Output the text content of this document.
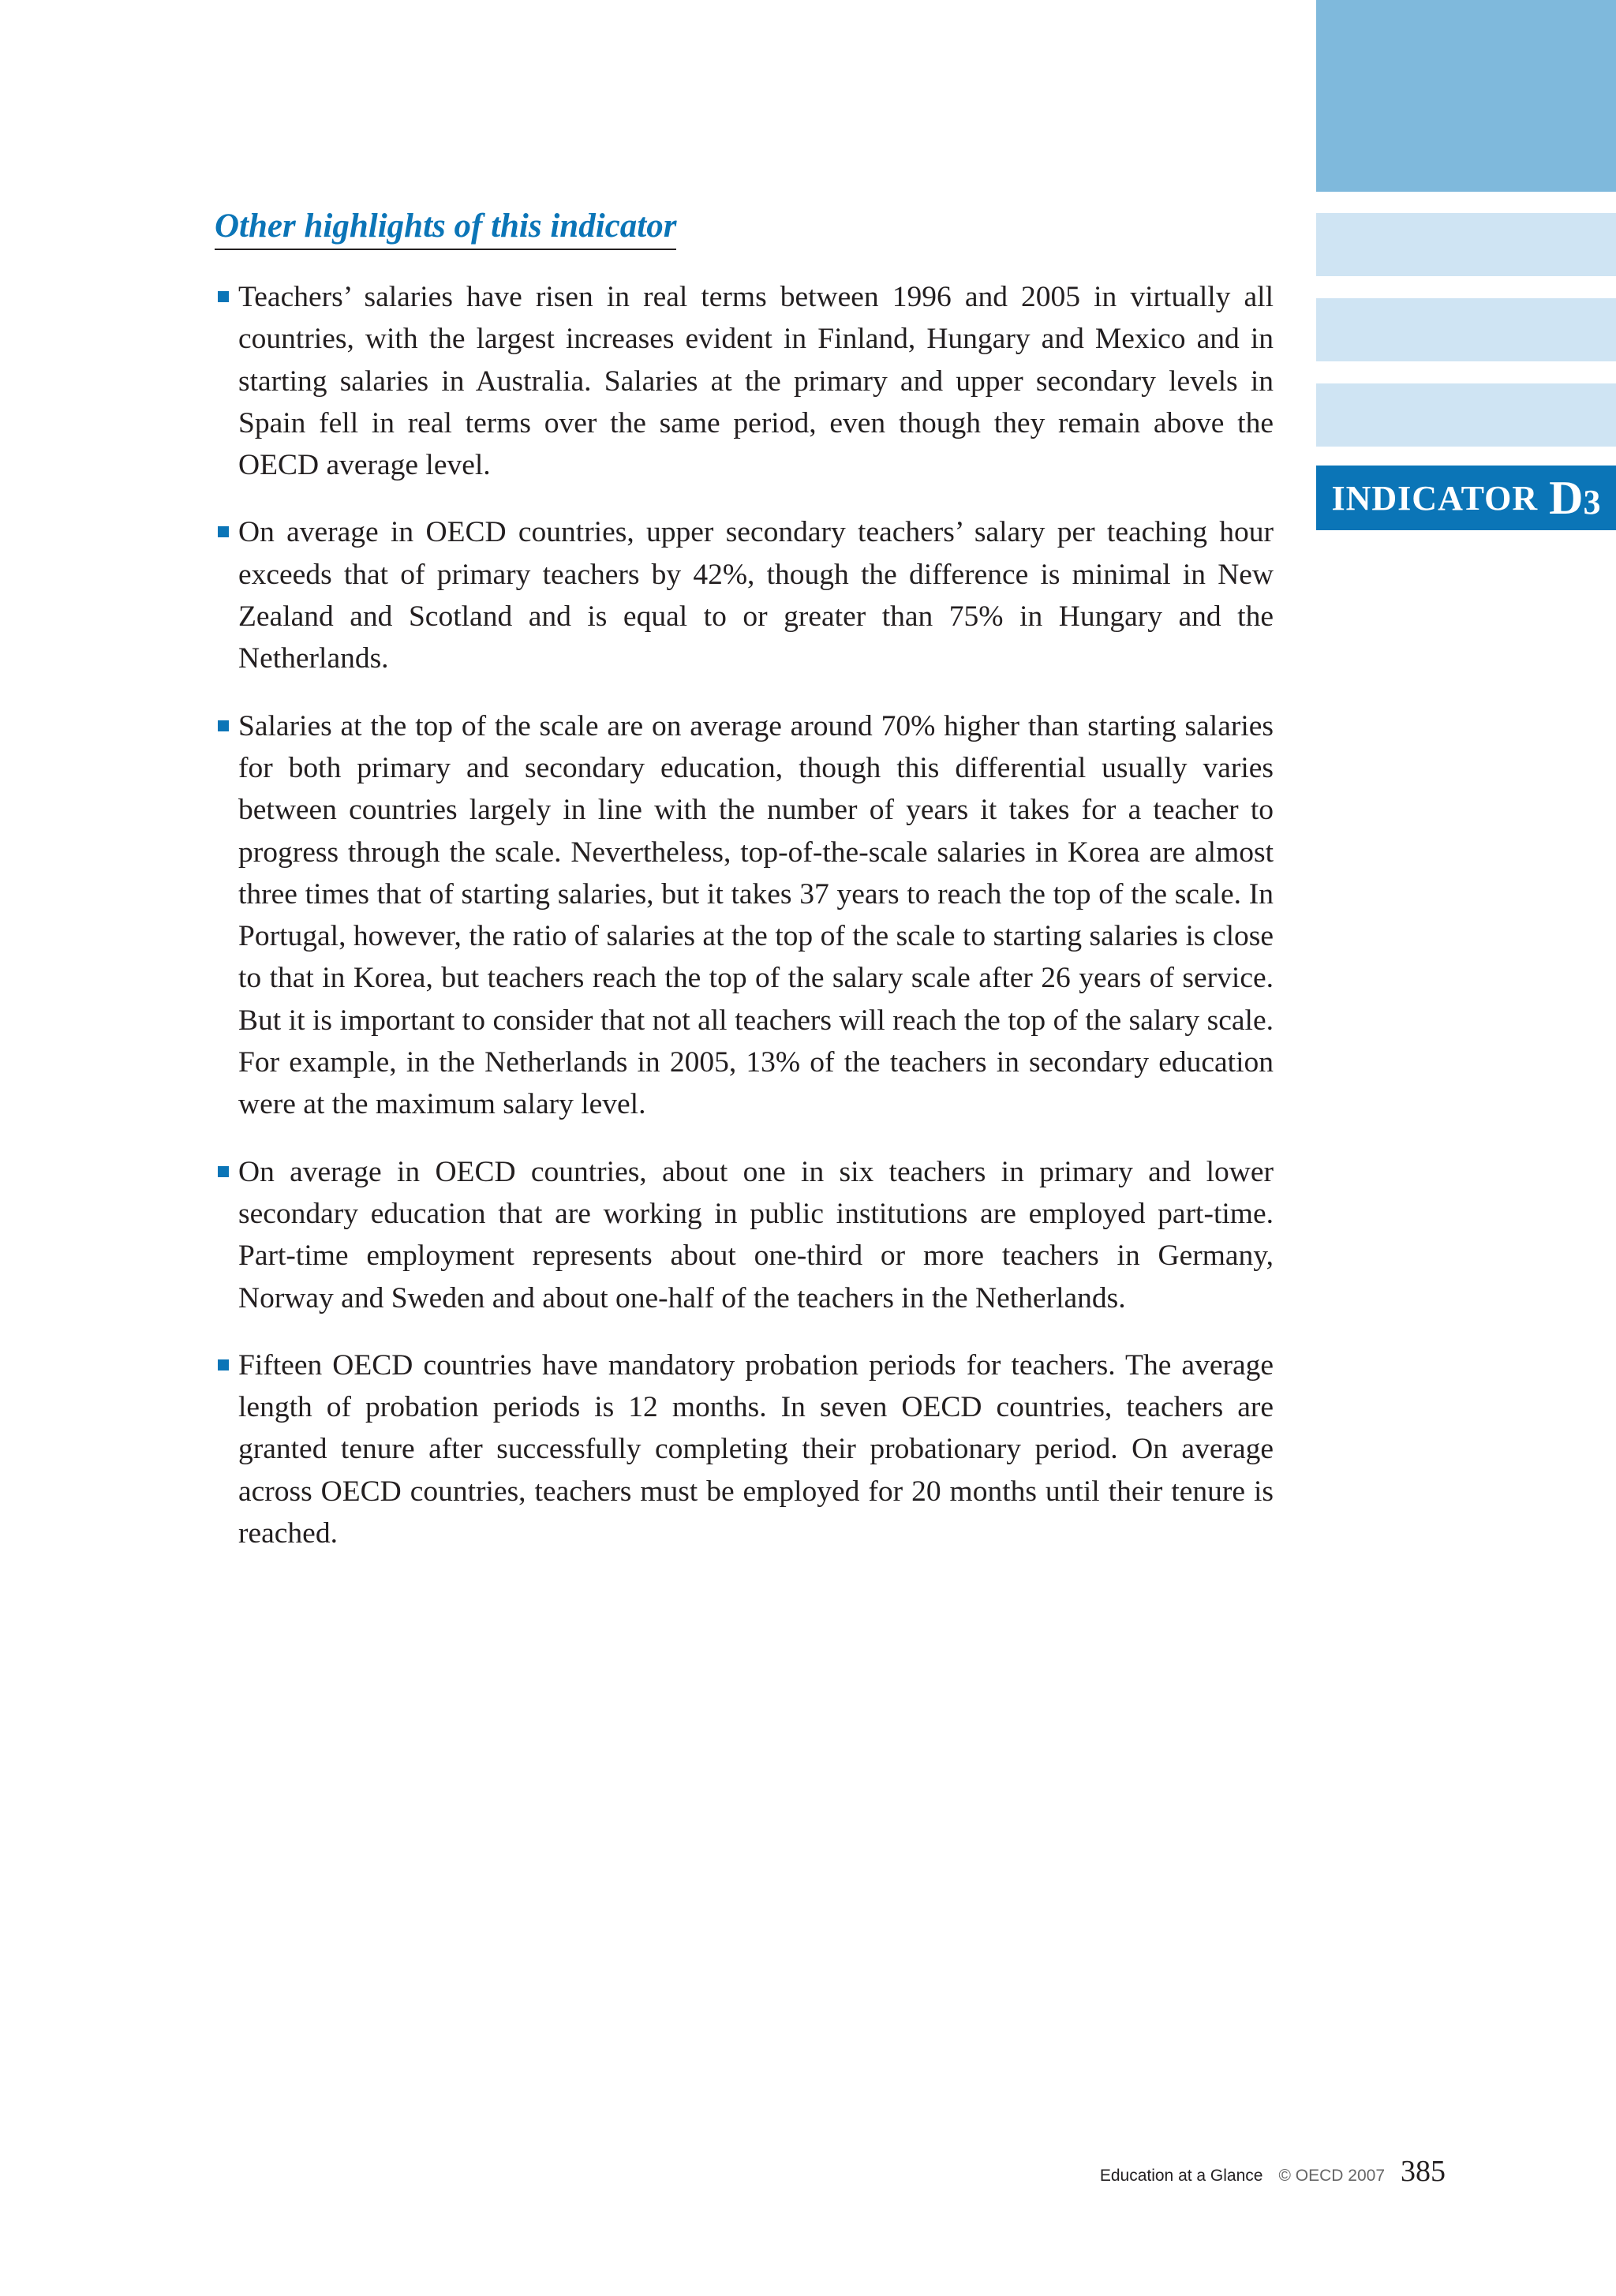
INDICATOR D3
Other highlights of this indicator
Teachers’ salaries have risen in real terms between 1996 and 2005 in virtually all countries, with the largest increases evident in Finland, Hungary and Mexico and in starting salaries in Australia. Salaries at the primary and upper secondary levels in Spain fell in real terms over the same period, even though they remain above the OECD average level.
On average in OECD countries, upper secondary teachers’ salary per teaching hour exceeds that of primary teachers by 42%, though the difference is minimal in New Zealand and Scotland and is equal to or greater than 75% in Hungary and the Netherlands.
Salaries at the top of the scale are on average around 70% higher than starting salaries for both primary and secondary education, though this differential usually varies between countries largely in line with the number of years it takes for a teacher to progress through the scale. Nevertheless, top-of-the-scale salaries in Korea are almost three times that of starting salaries, but it takes 37 years to reach the top of the scale. In Portugal, however, the ratio of salaries at the top of the scale to starting salaries is close to that in Korea, but teachers reach the top of the salary scale after 26 years of service. But it is important to consider that not all teachers will reach the top of the salary scale. For example, in the Netherlands in 2005, 13% of the teachers in secondary education were at the maximum salary level.
On average in OECD countries, about one in six teachers in primary and lower secondary education that are working in public institutions are employed part-time. Part-time employment represents about one-third or more teachers in Germany, Norway and Sweden and about one-half of the teachers in the Netherlands.
Fifteen OECD countries have mandatory probation periods for teachers. The average length of probation periods is 12 months. In seven OECD countries, teachers are granted tenure after successfully completing their probationary period. On average across OECD countries, teachers must be employed for 20 months until their tenure is reached.
Education at a Glance © OECD 2007 385
